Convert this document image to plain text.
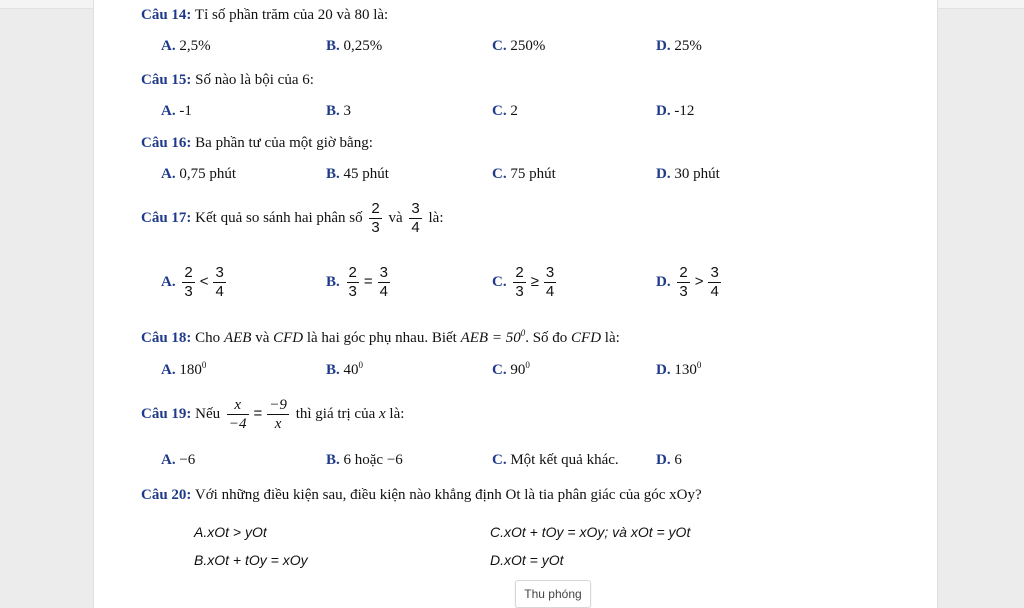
Câu 14: Tỉ số phần trăm của 20 và 80 là:
A. 2,5%	B. 0,25%	C. 250%	D. 25%
Câu 15: Số nào là bội của 6:
A. -1	B. 3	C. 2	D. -12
Câu 16: Ba phần tư của một giờ bằng:
A. 0,75 phút	B. 45 phút	C. 75 phút	D. 30 phút
Câu 17: Kết quả so sánh hai phân số $\frac{2}{3}$ và $\frac{3}{4}$ là:
A. $\frac{2}{3} < \frac{3}{4}$	B. $\frac{2}{3} = \frac{3}{4}$	C. $\frac{2}{3} \ge \frac{3}{4}$	D. $\frac{2}{3} > \frac{3}{4}$
Câu 18: Cho AEB và CFD là hai góc phụ nhau. Biết AEB = $50^0$. Số đo CFD là:
A. $180^0$	B. $40^0$	C. $90^0$	D. $130^0$
Câu 19: Nếu $\frac{x}{-4} = \frac{-9}{x}$ thì giá trị của x là:
A. −6	B. 6 hoặc −6	C. Một kết quả khác. D. 6
Câu 20: Với những điều kiện sau, điều kiện nào khẳng định Ot là tia phân giác của góc xOy?
A.xOt > yOt	C.xOt + tOy = xOy; và xOt = yOt
B.xOt + tOy = xOy	D.xOt = yOt
Thu phóng
